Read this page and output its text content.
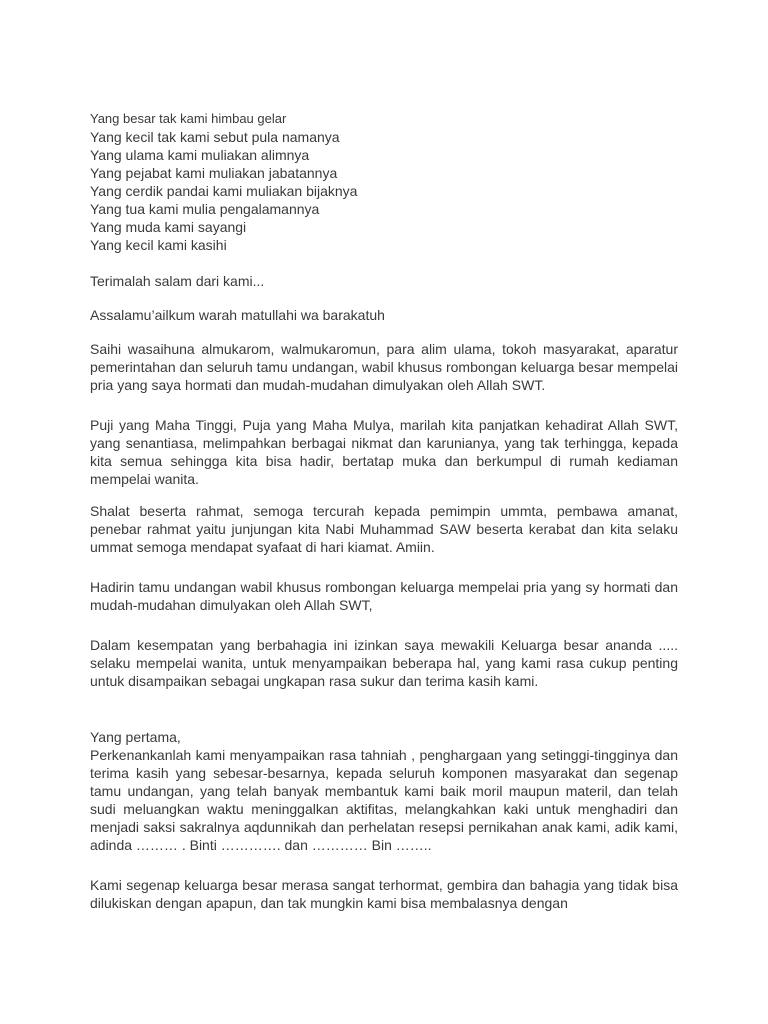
Yang besar tak kami himbau gelar
Yang kecil tak kami sebut pula namanya
Yang ulama kami muliakan alimnya
Yang pejabat kami muliakan jabatannya
Yang cerdik pandai kami muliakan bijaknya
Yang tua kami mulia pengalamannya
Yang muda kami sayangi
Yang kecil kami kasihi

Terimalah salam dari kami...

Assalamu’ailkum warah matullahi wa barakatuh

Saihi wasaihuna almukarom, walmukaromun, para alim ulama, tokoh masyarakat, aparatur pemerintahan dan seluruh tamu undangan, wabil khusus rombongan keluarga besar mempelai pria yang saya hormati dan mudah-mudahan dimulyakan oleh Allah SWT.

Puji yang Maha Tinggi, Puja yang Maha Mulya, marilah kita panjatkan kehadirat Allah SWT, yang senantiasa, melimpahkan berbagai nikmat dan karunianya, yang tak terhingga, kepada kita semua sehingga kita bisa hadir, bertatap muka dan berkumpul di rumah kediaman mempelai wanita.

Shalat beserta rahmat, semoga tercurah kepada pemimpin ummta, pembawa amanat, penebar rahmat yaitu junjungan kita Nabi Muhammad SAW beserta kerabat dan kita selaku ummat semoga mendapat syafaat di hari kiamat. Amiin.

Hadirin tamu undangan wabil khusus rombongan keluarga mempelai pria yang sy hormati dan mudah-mudahan dimulyakan oleh Allah SWT,

Dalam kesempatan yang berbahagia ini izinkan saya mewakili Keluarga besar ananda ..... selaku mempelai wanita, untuk menyampaikan beberapa hal, yang kami rasa cukup penting untuk disampaikan sebagai ungkapan rasa sukur dan terima kasih kami.

Yang pertama,
Perkenankanlah kami menyampaikan rasa tahniah , penghargaan yang setinggi-tingginya dan terima kasih yang sebesar-besarnya, kepada seluruh komponen masyarakat dan segenap tamu undangan, yang telah banyak membantuk kami baik moril maupun materil, dan telah sudi meluangkan waktu meninggalkan aktifitas, melangkahkan kaki untuk menghadiri dan menjadi saksi sakralnya aqdunnikah dan perhelatan resepsi pernikahan anak kami, adik kami, adinda ……… . Binti …………. dan ………… Bin ……..

Kami segenap keluarga besar merasa sangat terhormat, gembira dan bahagia yang tidak bisa dilukiskan dengan apapun, dan tak mungkin kami bisa membalasnya dengan
